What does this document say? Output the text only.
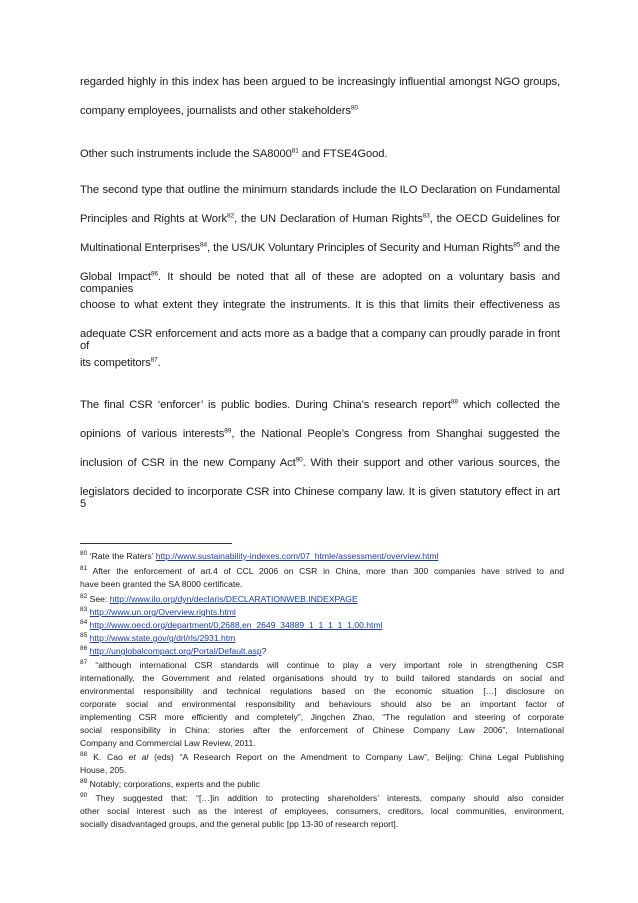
regarded highly in this index has been argued to be increasingly influential amongst NGO groups,
company employees, journalists and other stakeholders$^{80}$
Other such instruments include the SA8000$^{81}$ and FTSE4Good.
The second type that outline the minimum standards include the ILO Declaration on Fundamental
Principles and Rights at Work$^{82}$, the UN Declaration of Human Rights$^{83}$, the OECD Guidelines for
Multinational Enterprises$^{84}$, the US/UK Voluntary Principles of Security and Human Rights$^{85}$ and the
Global Impact$^{86}$. It should be noted that all of these are adopted on a voluntary basis and companies
choose to what extent they integrate the instruments. It is this that limits their effectiveness as
adequate CSR enforcement and acts more as a badge that a company can proudly parade in front of
its competitors$^{87}$.
The final CSR ‘enforcer’ is public bodies. During China’s research report$^{88}$ which collected the
opinions of various interests$^{89}$, the National People’s Congress from Shanghai suggested the
inclusion of CSR in the new Company Act$^{90}$. With their support and other various sources, the
legislators decided to incorporate CSR into Chinese company law. It is given statutory effect in art 5
$^{80}$ ‘Rate the Raters’ http://www.sustainability-indexes.com/07_htmle/assessment/overview.html
$^{81}$ After the enforcement of art.4 of CCL 2006 on CSR in China, more than 300 companies have strived to and
have been granted the SA 8000 certificate.
$^{82}$ See: http://www.ilo.org/dyn/declaris/DECLARATIONWEB.INDEXPAGE
$^{83}$ http://www.un.org/Overview.rights.html
$^{84}$ http://www.oecd.org/department/0,2688,en_2649_34889_1_1_1_1_1,00.html
$^{85}$ http://www.state.gov/g/drl/rls/2931.htm
$^{86}$ http://unglobalcompact.org/Portal/Default.asp?
$^{87}$ “although international CSR standards will continue to play a very important role in strengthening CSR
internationally, the Government and related organisations should try to build tailored standards on social and
environmental responsibility and technical regulations based on the economic situation […] disclosure on
corporate social and environmental responsibility and behaviours should also be an important factor of
implementing CSR more efficiently and completely”, Jingchen Zhao, “The regulation and steering of corporate
social responsibility in China: stories after the enforcement of Chinese Company Law 2006”, International
Company and Commercial Law Review, 2011.
$^{88}$ K. Cao et al (eds) “A Research Report on the Amendment to Company Law”, Beijing: China Legal Publishing
House, 205.
$^{89}$ Notably; corporations, experts and the public
$^{90}$ They suggested that: “[…]in addition to protecting shareholders’ interests, company should also consider
other social interest such as the interest of employees, consumers, creditors, local communities, environment,
socially disadvantaged groups, and the general public [pp 13-30 of research report].
